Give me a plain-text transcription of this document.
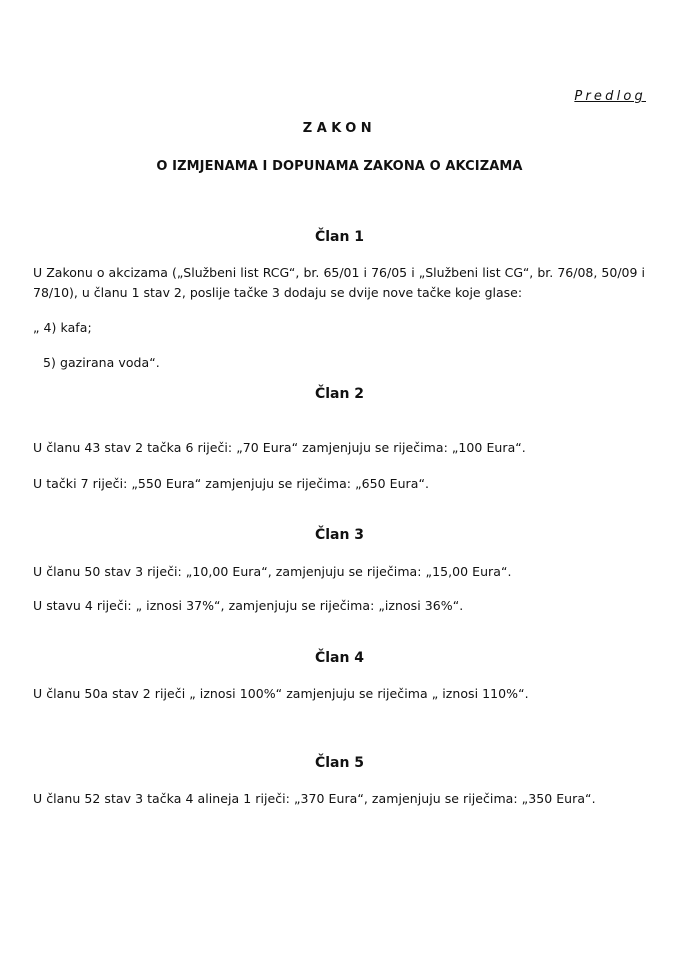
Predlog
ZAKON
O IZMJENAMA I DOPUNAMA ZAKONA O AKCIZAMA
Član 1
U Zakonu o akcizama („Službeni list RCG“, br. 65/01 i 76/05 i „Službeni list CG“, br. 76/08, 50/09 i 78/10), u članu 1 stav 2, poslije tačke 3 dodaju se dvije nove tačke koje glase:
„ 4) kafa;
5) gazirana voda“.
Član 2
U članu 43 stav 2 tačka 6 riječi: „70 Eura“ zamjenjuju se riječima: „100 Eura“.
U tački 7 riječi: „550 Eura“ zamjenjuju se riječima: „650 Eura“.
Član 3
U članu 50 stav 3 riječi: „10,00 Eura“, zamjenjuju se riječima: „15,00 Eura“.
U stavu 4 riječi: „ iznosi 37%“, zamjenjuju se riječima: „iznosi 36%“.
Član 4
U članu 50a stav 2 riječi „ iznosi 100%“ zamjenjuju se riječima „ iznosi 110%“.
Član 5
U članu 52 stav 3 tačka 4 alineja 1 riječi: „370 Eura“, zamjenjuju se riječima: „350 Eura“.
